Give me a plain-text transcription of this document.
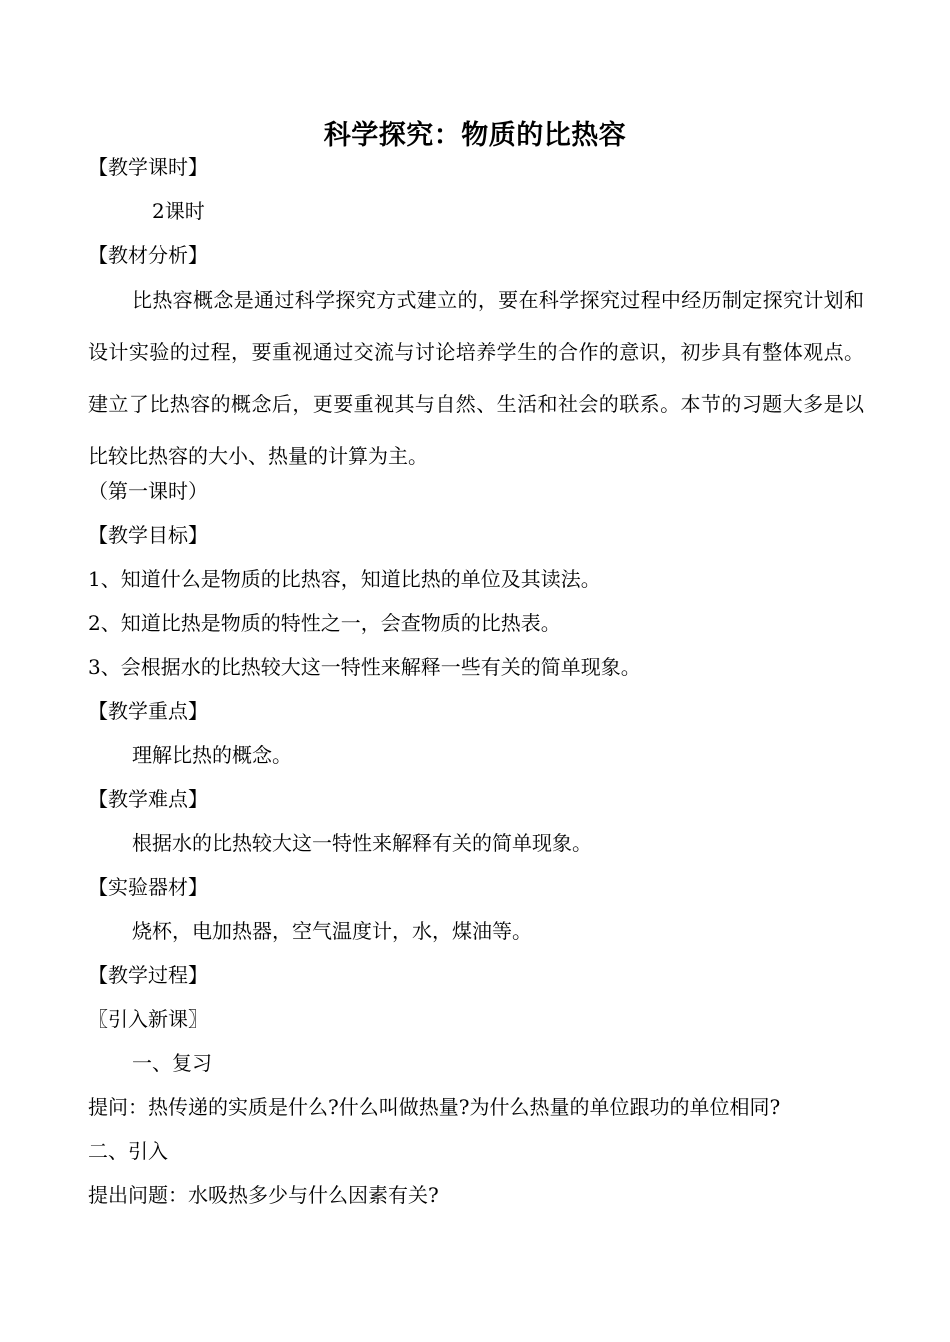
科学探究：物质的比热容
【教学课时】
2课时
【教材分析】
比热容概念是通过科学探究方式建立的，要在科学探究过程中经历制定探究计划和设计实验的过程，要重视通过交流与讨论培养学生的合作的意识，初步具有整体观点。建立了比热容的概念后，更要重视其与自然、生活和社会的联系。本节的习题大多是以比较比热容的大小、热量的计算为主。
（第一课时）
【教学目标】
1、知道什么是物质的比热容，知道比热的单位及其读法。
2、知道比热是物质的特性之一，会查物质的比热表。
3、会根据水的比热较大这一特性来解释一些有关的简单现象。
【教学重点】
理解比热的概念。
【教学难点】
根据水的比热较大这一特性来解释有关的简单现象。
【实验器材】
烧杯，电加热器，空气温度计，水，煤油等。
【教学过程】
〖引入新课〗
一、复习
提问：热传递的实质是什么?什么叫做热量?为什么热量的单位跟功的单位相同?
二、引入
提出问题：水吸热多少与什么因素有关?
